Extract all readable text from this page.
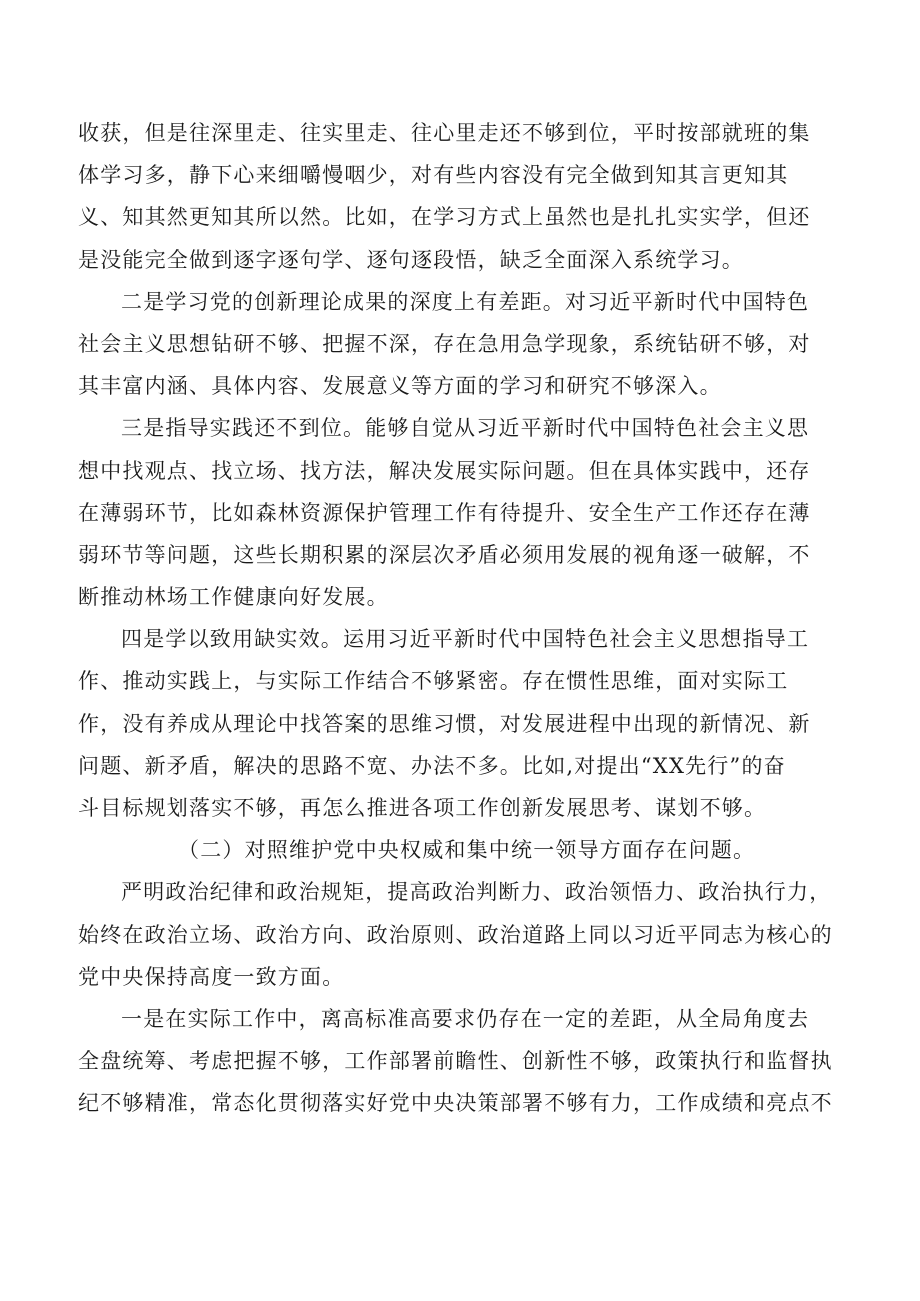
收获，但是往深里走、往实里走、往心里走还不够到位，平时按部就班的集
体学习多，静下心来细嚼慢咽少，对有些内容没有完全做到知其言更知其
义、知其然更知其所以然。比如，在学习方式上虽然也是扎扎实实学，但还
是没能完全做到逐字逐句学、逐句逐段悟，缺乏全面深入系统学习。
二是学习党的创新理论成果的深度上有差距。对习近平新时代中国特色
社会主义思想钻研不够、把握不深，存在急用急学现象，系统钻研不够，对
其丰富内涵、具体内容、发展意义等方面的学习和研究不够深入。
三是指导实践还不到位。能够自觉从习近平新时代中国特色社会主义思
想中找观点、找立场、找方法，解决发展实际问题。但在具体实践中，还存
在薄弱环节，比如森林资源保护管理工作有待提升、安全生产工作还存在薄
弱环节等问题，这些长期积累的深层次矛盾必须用发展的视角逐一破解，不
断推动林场工作健康向好发展。
四是学以致用缺实效。运用习近平新时代中国特色社会主义思想指导工
作、推动实践上，与实际工作结合不够紧密。存在惯性思维，面对实际工
作，没有养成从理论中找答案的思维习惯，对发展进程中出现的新情况、新
问题、新矛盾，解决的思路不宽、办法不多。比如,对提出“XX先行”的奋
斗目标规划落实不够，再怎么推进各项工作创新发展思考、谋划不够。
（二）对照维护党中央权威和集中统一领导方面存在问题。
严明政治纪律和政治规矩，提高政治判断力、政治领悟力、政治执行力，
始终在政治立场、政治方向、政治原则、政治道路上同以习近平同志为核心的
党中央保持高度一致方面。
一是在实际工作中，离高标准高要求仍存在一定的差距，从全局角度去
全盘统筹、考虑把握不够，工作部署前瞻性、创新性不够，政策执行和监督执
纪不够精准，常态化贯彻落实好党中央决策部署不够有力，工作成绩和亮点不
